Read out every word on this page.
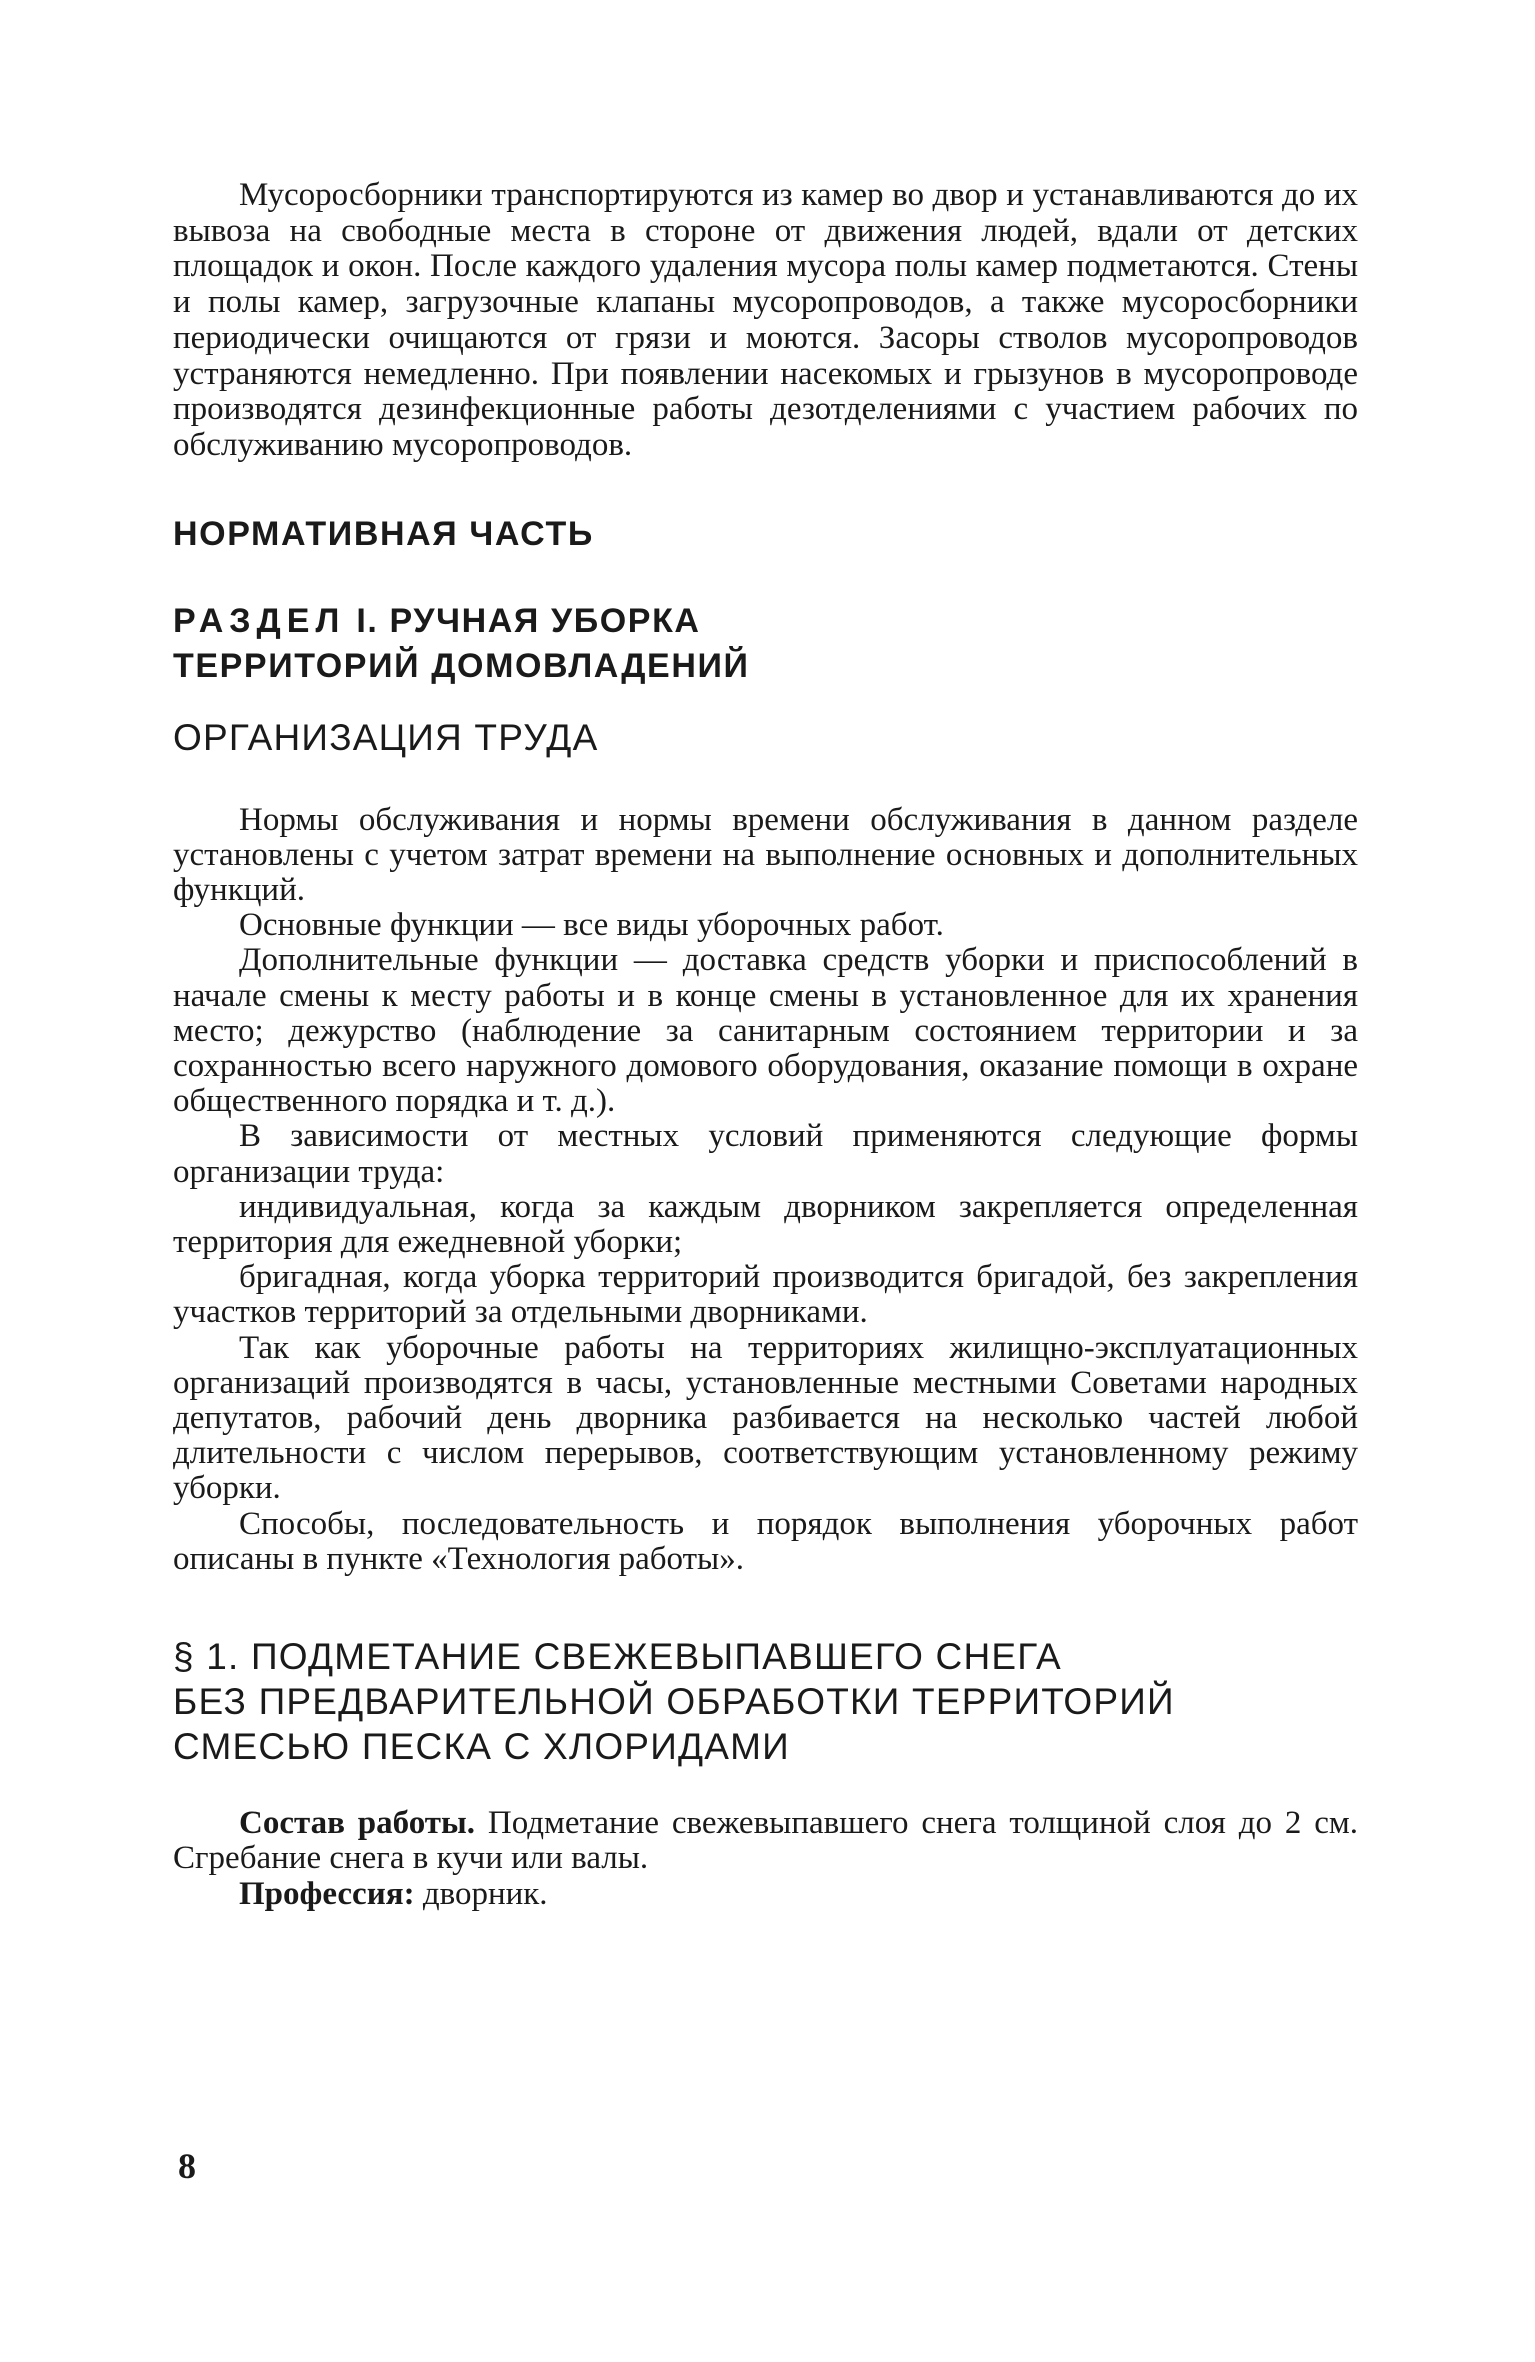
Мусоросборники транспортируются из камер во двор и устанавливаются до их вывоза на свободные места в стороне от движения людей, вдали от детских площадок и окон. После каждого удаления мусора полы камер подметаются. Стены и полы камер, загрузочные клапаны мусоропроводов, а также мусоросборники периодически очищаются от грязи и моются. Засоры стволов мусоропроводов устраняются немедленно. При появлении насекомых и грызунов в мусоропроводе производятся дезинфекционные работы дезотделениями с участием рабочих по обслуживанию мусоропроводов.

НОРМАТИВНАЯ ЧАСТЬ
РАЗДЕЛ I. РУЧНАЯ УБОРКА
ТЕРРИТОРИЙ ДОМОВЛАДЕНИЙ
ОРГАНИЗАЦИЯ ТРУДА

Нормы обслуживания и нормы времени обслуживания в данном разделе установлены с учетом затрат времени на выполнение основных и дополнительных функций.

Основные функции — все виды уборочных работ.

Дополнительные функции — доставка средств уборки и приспособлений в начале смены к месту работы и в конце смены в установленное для их хранения место; дежурство (наблюдение за санитарным состоянием территории и за сохранностью всего наружного домового оборудования, оказание помощи в охране общественного порядка и т. д.).

В зависимости от местных условий применяются следующие формы организации труда:

индивидуальная, когда за каждым дворником закрепляется определенная территория для ежедневной уборки;

бригадная, когда уборка территорий производится бригадой, без закрепления участков территорий за отдельными дворниками.

Так как уборочные работы на территориях жилищно-эксплуатационных организаций производятся в часы, установленные местными Советами народных депутатов, рабочий день дворника разбивается на несколько частей любой длительности с числом перерывов, соответствующим установленному режиму уборки.

Способы, последовательность и порядок выполнения уборочных работ описаны в пункте «Технология работы».

§ 1. ПОДМЕТАНИЕ СВЕЖЕВЫПАВШЕГО СНЕГА
БЕЗ ПРЕДВАРИТЕЛЬНОЙ ОБРАБОТКИ ТЕРРИТОРИЙ
СМЕСЬЮ ПЕСКА С ХЛОРИДАМИ

Состав работы. Подметание свежевыпавшего снега толщиной слоя до 2 см. Сгребание снега в кучи или валы.

Профессия: дворник.

8
